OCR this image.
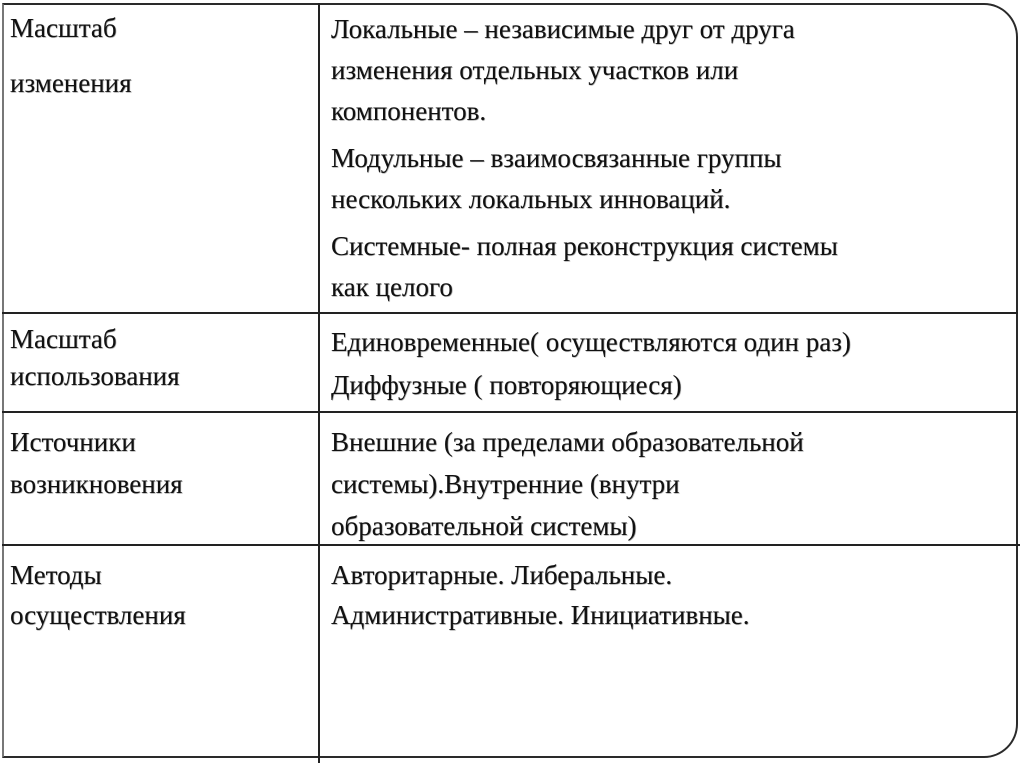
Масштаб
изменения

Локальные – независимые друг от друга
изменения отдельных участков или
компонентов.

Модульные – взаимосвязанные группы
нескольких локальных инноваций.

Системные- полная реконструкция системы
как целого

Масштаб
использования
Единовременные( осуществляются один раз)
Диффузные ( повторяющиеся)
Источники
возникновения
Внешние (за пределами образовательной
системы).Внутренние (внутри
образовательной системы)
Методы
осуществления
Авторитарные. Либеральные.
Административные. Инициативные.
